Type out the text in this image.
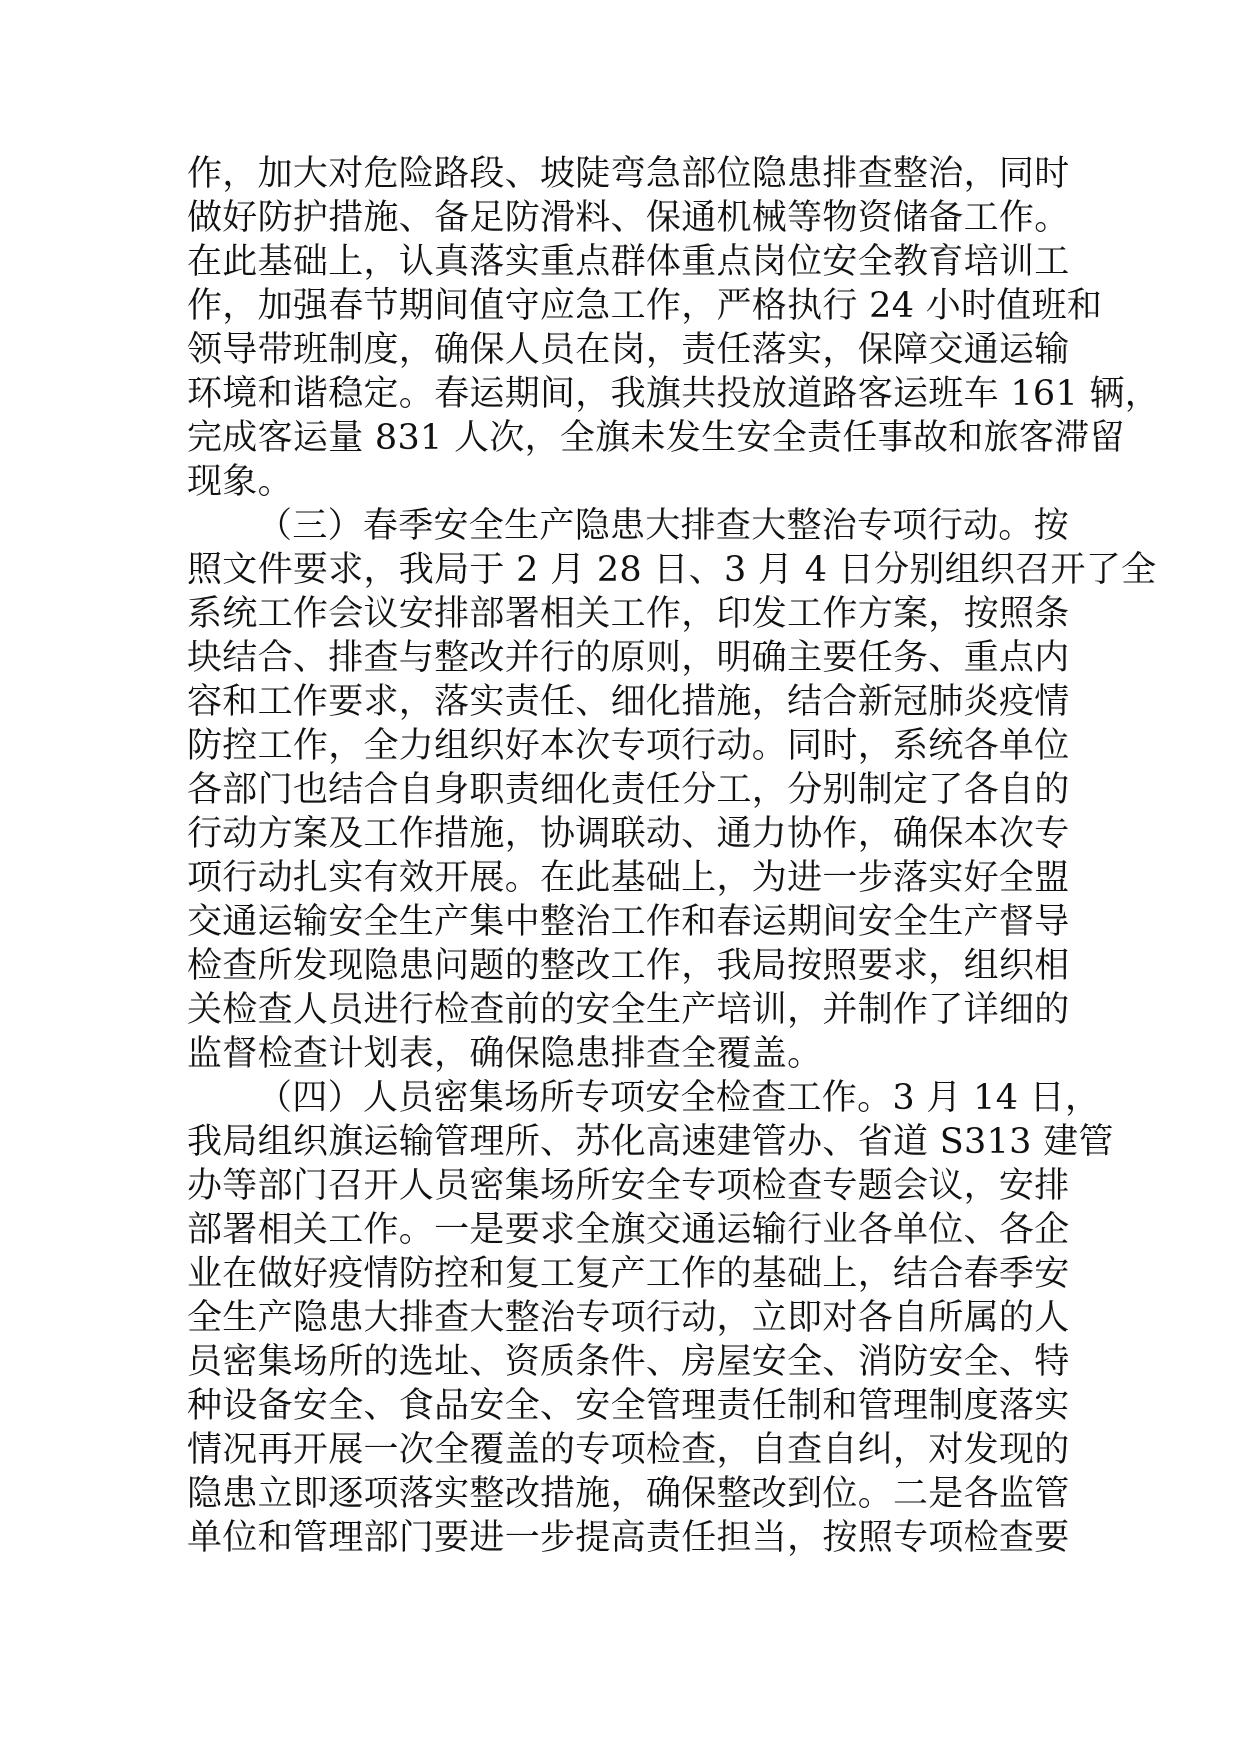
作，加大对危险路段、坡陡弯急部位隐患排查整治，同时
做好防护措施、备足防滑料、保通机械等物资储备工作。
在此基础上，认真落实重点群体重点岗位安全教育培训工
作，加强春节期间值守应急工作，严格执行 24 小时值班和
领导带班制度，确保人员在岗，责任落实，保障交通运输
环境和谐稳定。春运期间，我旗共投放道路客运班车 161 辆，
完成客运量 831 人次，全旗未发生安全责任事故和旅客滞留
现象。
（三）春季安全生产隐患大排查大整治专项行动。按
照文件要求，我局于 2 月 28 日、3 月 4 日分别组织召开了全
系统工作会议安排部署相关工作，印发工作方案，按照条
块结合、排查与整改并行的原则，明确主要任务、重点内
容和工作要求，落实责任、细化措施，结合新冠肺炎疫情
防控工作，全力组织好本次专项行动。同时，系统各单位
各部门也结合自身职责细化责任分工，分别制定了各自的
行动方案及工作措施，协调联动、通力协作，确保本次专
项行动扎实有效开展。在此基础上，为进一步落实好全盟
交通运输安全生产集中整治工作和春运期间安全生产督导
检查所发现隐患问题的整改工作，我局按照要求，组织相
关检查人员进行检查前的安全生产培训，并制作了详细的
监督检查计划表，确保隐患排查全覆盖。
（四）人员密集场所专项安全检查工作。3 月 14 日，
我局组织旗运输管理所、苏化高速建管办、省道 S313 建管
办等部门召开人员密集场所安全专项检查专题会议，安排
部署相关工作。一是要求全旗交通运输行业各单位、各企
业在做好疫情防控和复工复产工作的基础上，结合春季安
全生产隐患大排查大整治专项行动，立即对各自所属的人
员密集场所的选址、资质条件、房屋安全、消防安全、特
种设备安全、食品安全、安全管理责任制和管理制度落实
情况再开展一次全覆盖的专项检查，自查自纠，对发现的
隐患立即逐项落实整改措施，确保整改到位。二是各监管
单位和管理部门要进一步提高责任担当，按照专项检查要
